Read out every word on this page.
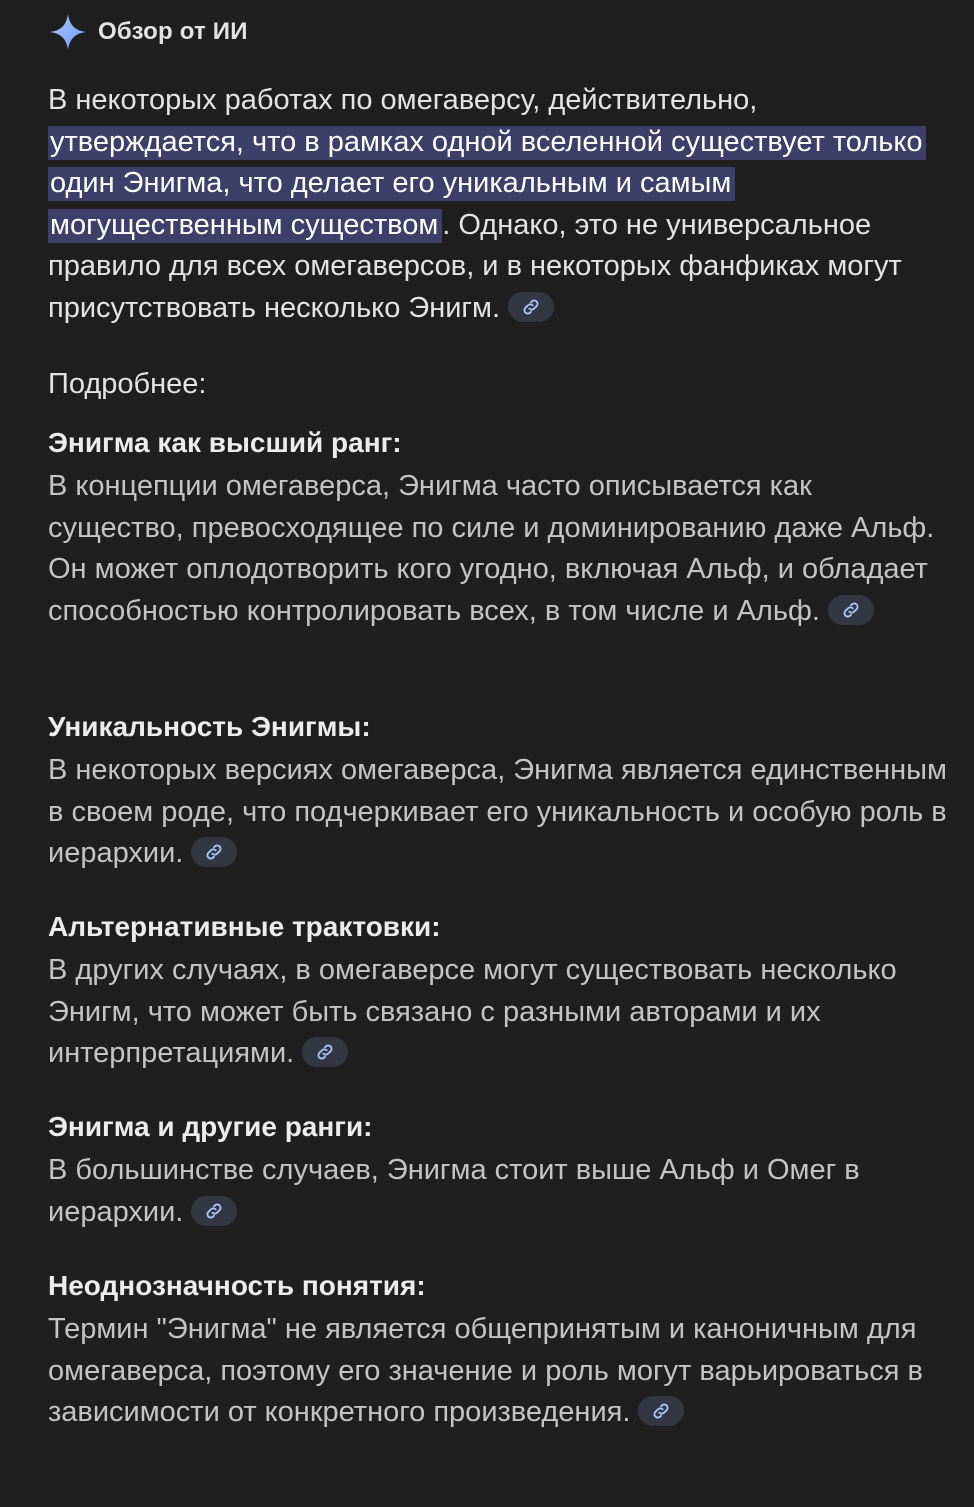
Обзор от ИИ
В некоторых работах по омегаверсу, действительно, утверждается, что в рамках одной вселенной существует только один Энигма, что делает его уникальным и самым могущественным существом . Однако, это не универсальное правило для всех омегаверсов, и в некоторых фанфиках могут присутствовать несколько Энигм.
Подробнее:
Энигма как высший ранг:
В концепции омегаверса, Энигма часто описывается как существо, превосходящее по силе и доминированию даже Альф. Он может оплодотворить кого угодно, включая Альф, и обладает способностью контролировать всех, в том числе и Альф.
Уникальность Энигмы:
В некоторых версиях омегаверса, Энигма является единственным в своем роде, что подчеркивает его уникальность и особую роль в иерархии.
Альтернативные трактовки:
В других случаях, в омегаверсе могут существовать несколько Энигм, что может быть связано с разными авторами и их интерпретациями.
Энигма и другие ранги:
В большинстве случаев, Энигма стоит выше Альф и Омег в иерархии.
Неоднозначность понятия:
Термин "Энигма" не является общепринятым и каноничным для омегаверса, поэтому его значение и роль могут варьироваться в зависимости от конкретного произведения.
